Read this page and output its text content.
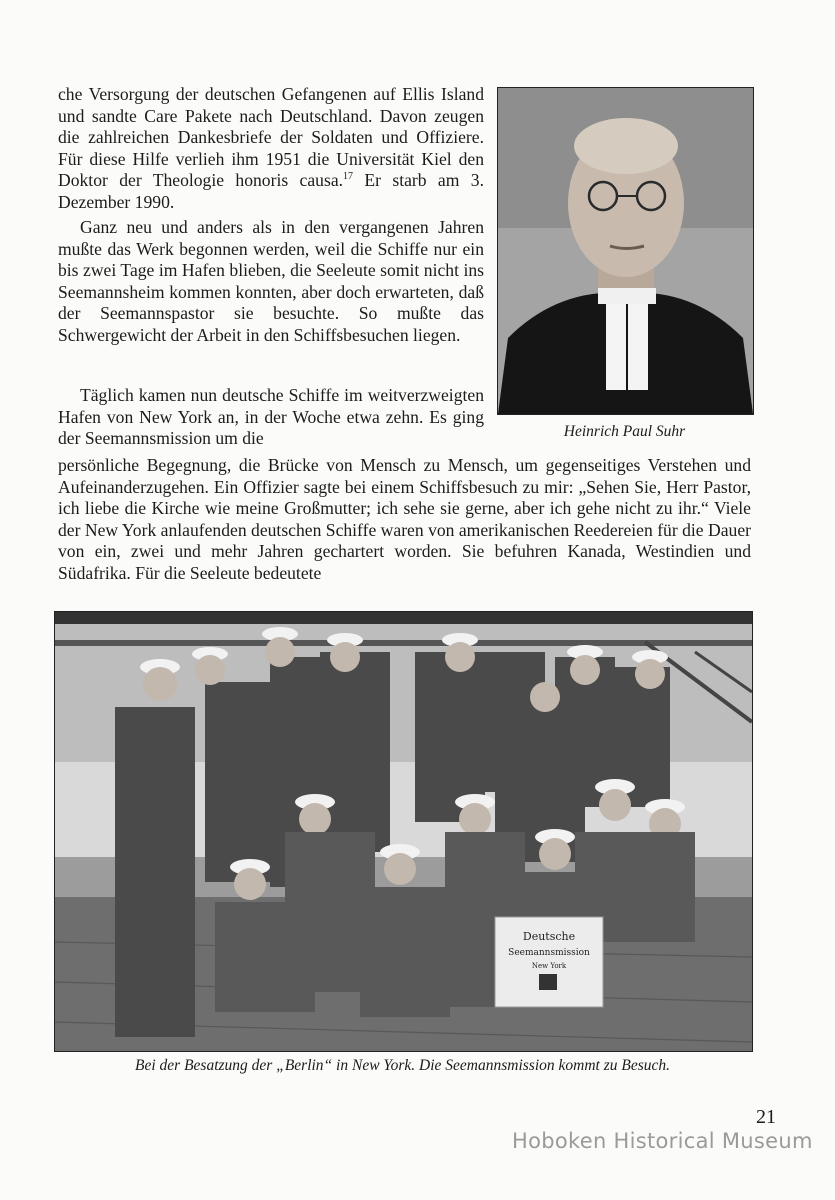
che Versorgung der deutschen Gefangenen auf Ellis Island und sandte Care Pakete nach Deutschland. Davon zeugen die zahlreichen Dankesbriefe der Soldaten und Offiziere. Für diese Hilfe verlieh ihm 1951 die Universität Kiel den Doktor der Theologie honoris causa.$^{17}$ Er starb am 3. Dezember 1990.

Ganz neu und anders als in den vergangenen Jahren mußte das Werk begonnen werden, weil die Schiffe nur ein bis zwei Tage im Hafen blieben, die Seeleute somit nicht ins Seemannsheim kommen konnten, aber doch erwarteten, daß der Seemannspastor sie besuchte. So mußte das Schwergewicht der Arbeit in den Schiffsbesuchen liegen.

Täglich kamen nun deutsche Schiffe im weitverzweigten Hafen von New York an, in der Woche etwa zehn. Es ging der Seemannsmission um die

persönliche Begegnung, die Brücke von Mensch zu Mensch, um gegenseitiges Verstehen und Aufeinanderzugehen. Ein Offizier sagte bei einem Schiffsbesuch zu mir: „Sehen Sie, Herr Pastor, ich liebe die Kirche wie meine Großmutter; ich sehe sie gerne, aber ich gehe nicht zu ihr.“ Viele der New York anlaufenden deutschen Schiffe waren von amerikanischen Reedereien für die Dauer von ein, zwei und mehr Jahren gechartert worden. Sie befuhren Kanada, Westindien und Südafrika. Für die Seeleute bedeutete

Heinrich Paul Suhr

Deutsche
Seemannsmission
New York

Bei der Besatzung der „Berlin“ in New York. Die Seemannsmission kommt zu Besuch.

21

Hoboken Historical Museum
